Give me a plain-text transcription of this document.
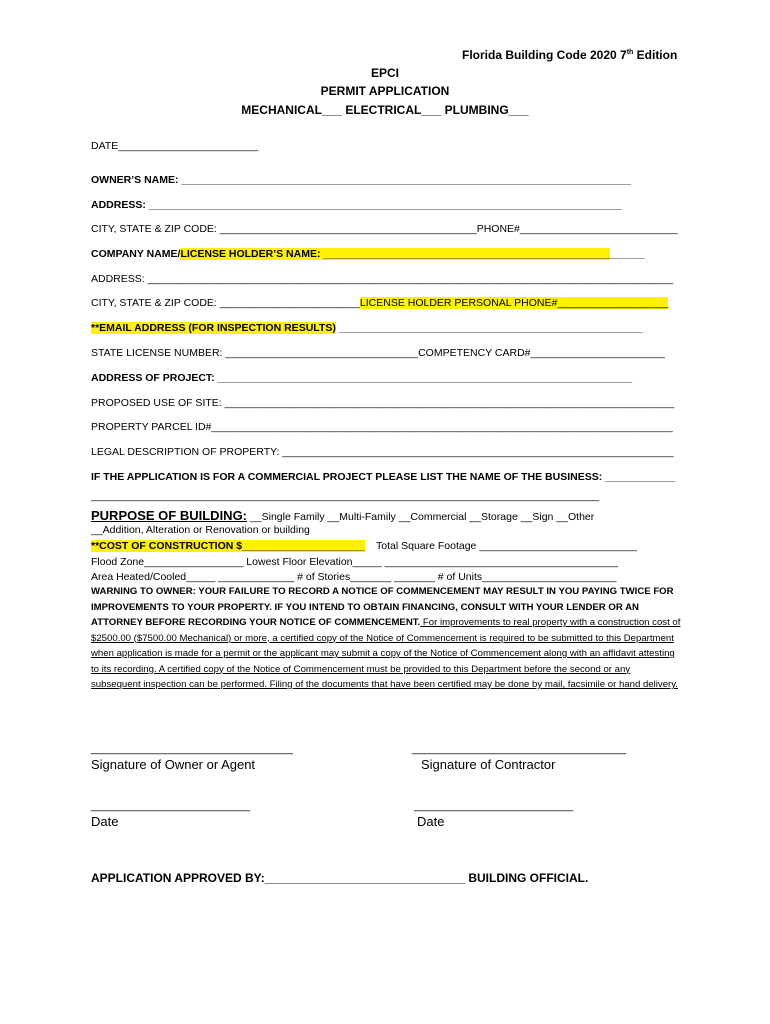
Florida Building Code 2020 7th Edition
EPCI
PERMIT APPLICATION
MECHANICAL___ ELECTRICAL___ PLUMBING___
DATE________________________
OWNER’S NAME: _____________________________________________________________________________
ADDRESS: _________________________________________________________________________________
CITY, STATE & ZIP CODE: ____________________________________________PHONE#___________________________
COMPANY NAME/LICENSE HOLDER’S NAME: _______________________________________________________
ADDRESS: __________________________________________________________________________________________
CITY, STATE & ZIP CODE: ________________________LICENSE HOLDER PERSONAL PHONE#___________________
**EMAIL ADDRESS (FOR INSPECTION RESULTS) ____________________________________________________
STATE LICENSE NUMBER: _________________________________COMPETENCY CARD#_______________________
ADDRESS OF PROJECT: _______________________________________________________________________
PROPOSED USE OF SITE: _____________________________________________________________________________
PROPERTY PARCEL ID#_______________________________________________________________________________
LEGAL DESCRIPTION OF PROPERTY: ___________________________________________________________________
IF THE APPLICATION IS FOR A COMMERCIAL PROJECT PLEASE LIST THE NAME OF THE BUSINESS: ____________
_______________________________________________________________________________________
PURPOSE OF BUILDING: __Single Family __Multi-Family __Commercial __Storage __Sign __Other
__Addition, Alteration or Renovation or building
**COST OF CONSTRUCTION $_____________________ Total Square Footage ___________________________
Flood Zone_________________ Lowest Floor Elevation_____ ________________________________________
Area Heated/Cooled_____ _____________ # of Stories_______ _______ # of Units_______________________
WARNING TO OWNER: YOUR FAILURE TO RECORD A NOTICE OF COMMENCEMENT MAY RESULT IN YOU PAYING TWICE FOR IMPROVEMENTS TO YOUR PROPERTY. IF YOU INTEND TO OBTAIN FINANCING, CONSULT WITH YOUR LENDER OR AN ATTORNEY BEFORE RECORDING YOUR NOTICE OF COMMENCEMENT. For improvements to real property with a construction cost of $2500.00 ($7500.00 Mechanical) or more, a certified copy of the Notice of Commencement is required to be submitted to this Department when application is made for a permit or the applicant may submit a copy of the Notice of Commencement along with an affidavit attesting to its recording. A certified copy of the Notice of Commencement must be provided to this Department before the second or any subsequent inspection can be performed. Filing of the documents that have been certified may be done by mail, facsimile or hand delivery.
_________________________________
Signature of Owner or Agent
___________________________________
Signature of Contractor
__________________________
Date
__________________________
Date
APPLICATION APPROVED BY:______________________________ BUILDING OFFICIAL.
